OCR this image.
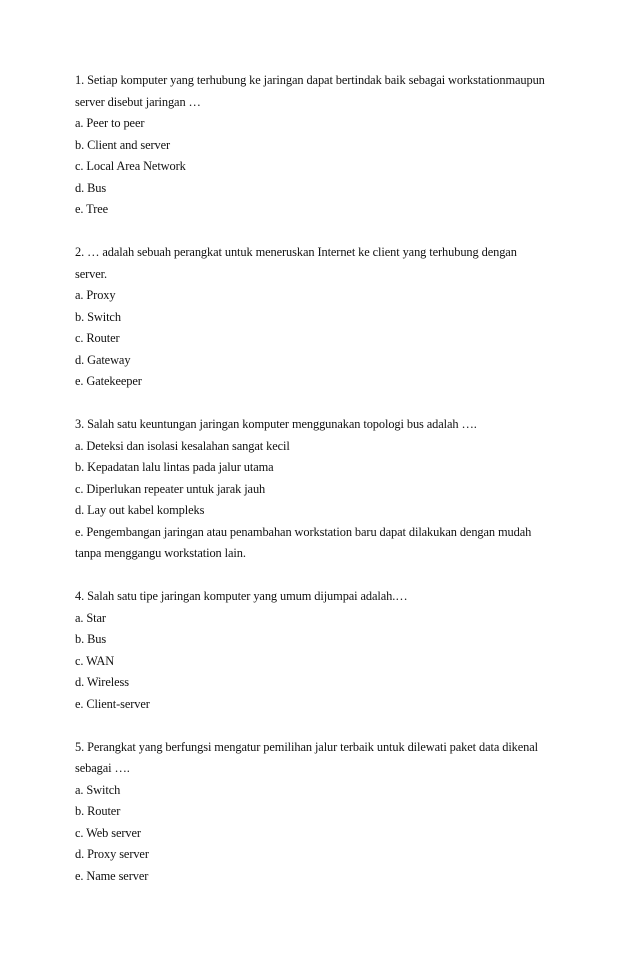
1. Setiap komputer yang terhubung ke jaringan dapat bertindak baik sebagai workstationmaupun
server disebut jaringan …
a. Peer to peer
b. Client and server
c. Local Area Network
d. Bus
e. Tree
2. … adalah sebuah perangkat untuk meneruskan Internet ke client yang terhubung dengan
server.
a. Proxy
b. Switch
c. Router
d. Gateway
e. Gatekeeper
3. Salah satu keuntungan jaringan komputer menggunakan topologi bus adalah ….
a. Deteksi dan isolasi kesalahan sangat kecil
b. Kepadatan lalu lintas pada jalur utama
c. Diperlukan repeater untuk jarak jauh
d. Lay out kabel kompleks
e. Pengembangan jaringan atau penambahan workstation baru dapat dilakukan dengan mudah
tanpa menggangu workstation lain.
4. Salah satu tipe jaringan komputer yang umum dijumpai adalah.…
a. Star
b. Bus
c. WAN
d. Wireless
e. Client-server
5. Perangkat yang berfungsi mengatur pemilihan jalur terbaik untuk dilewati paket data dikenal
sebagai ….
a. Switch
b. Router
c. Web server
d. Proxy server
e. Name server
